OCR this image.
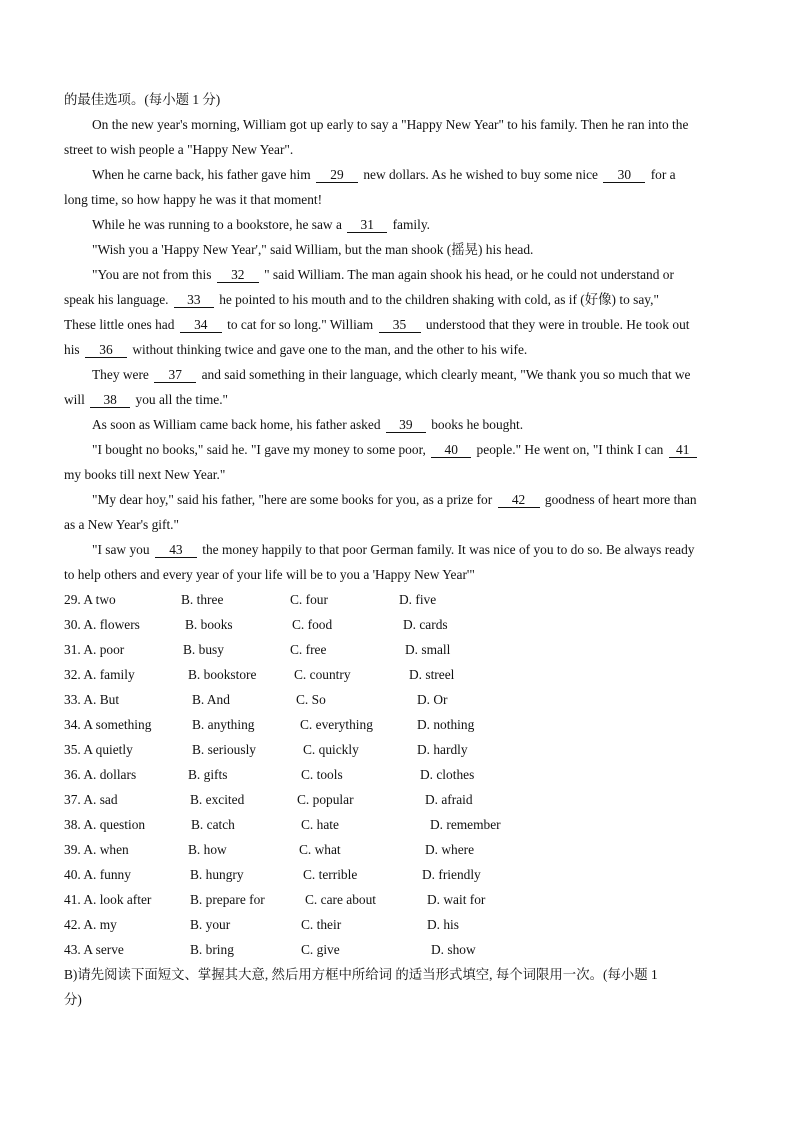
的最佳选项。(每小题 1 分)
On the new year's morning, William got up early to say a "Happy New Year" to his family. Then he ran into the
street to wish people a "Happy New Year".
When he carne back, his father gave him 29 new dollars. As he wished to buy some nice 30 for a
long time, so how happy he was it that moment!
While he was running to a bookstore, he saw a 31 family.
"Wish you a 'Happy New Year'," said William, but the man shook (摇晃) his head.
"You are not from this 32 " said William. The man again shook his head, or he could not understand or
speak his language. 33 he pointed to his mouth and to the children shaking with cold, as if (好像) to say,"
These little ones had 34 to cat for so long." William 35 understood that they were in trouble. He took out
his 36 without thinking twice and gave one to the man, and the other to his wife.
They were 37 and said something in their language, which clearly meant, "We thank you so much that we
will 38 you all the time."
As soon as William came back home, his father asked 39 books he bought.
"I bought no books," said he. "I gave my money to some poor, 40 people." He went on, "I think I can 41
my books till next New Year."
"My dear hoy," said his father, "here are some books for you, as a prize for 42 goodness of heart more than
as a New Year's gift."
"I saw you 43 the money happily to that poor German family. It was nice of you to do so. Be always ready
to help others and every year of your life will be to you a 'Happy New Year'"
29. A two	B. three	C. four	D. five
30. A. flowers	B. books	C. food	D. cards
31. A. poor	B. busy	C. free	D. small
32. A. family	B. bookstore	C. country	D. streel
33. A. But	B. And	C. So	D. Or
34. A something	B. anything	C. everything	D. nothing
35. A quietly	B. seriously	C. quickly	D. hardly
36. A. dollars	B. gifts	C. tools	D. clothes
37. A. sad	B. excited	C. popular	D. afraid
38. A. question	B. catch	C. hate	D. remember
39. A. when	B. how	C. what	D. where
40. A. funny	B. hungry	C. terrible	D. friendly
41. A. look after	B. prepare for	C. care about	D. wait for
42. A. my	B. your	C. their	D. his
43. A serve	B. bring	C. give	D. show
B)请先阅读下面短文、掌握其大意, 然后用方框中所给词 的适当形式填空, 每个词限用一次。(每小题 1
分)
